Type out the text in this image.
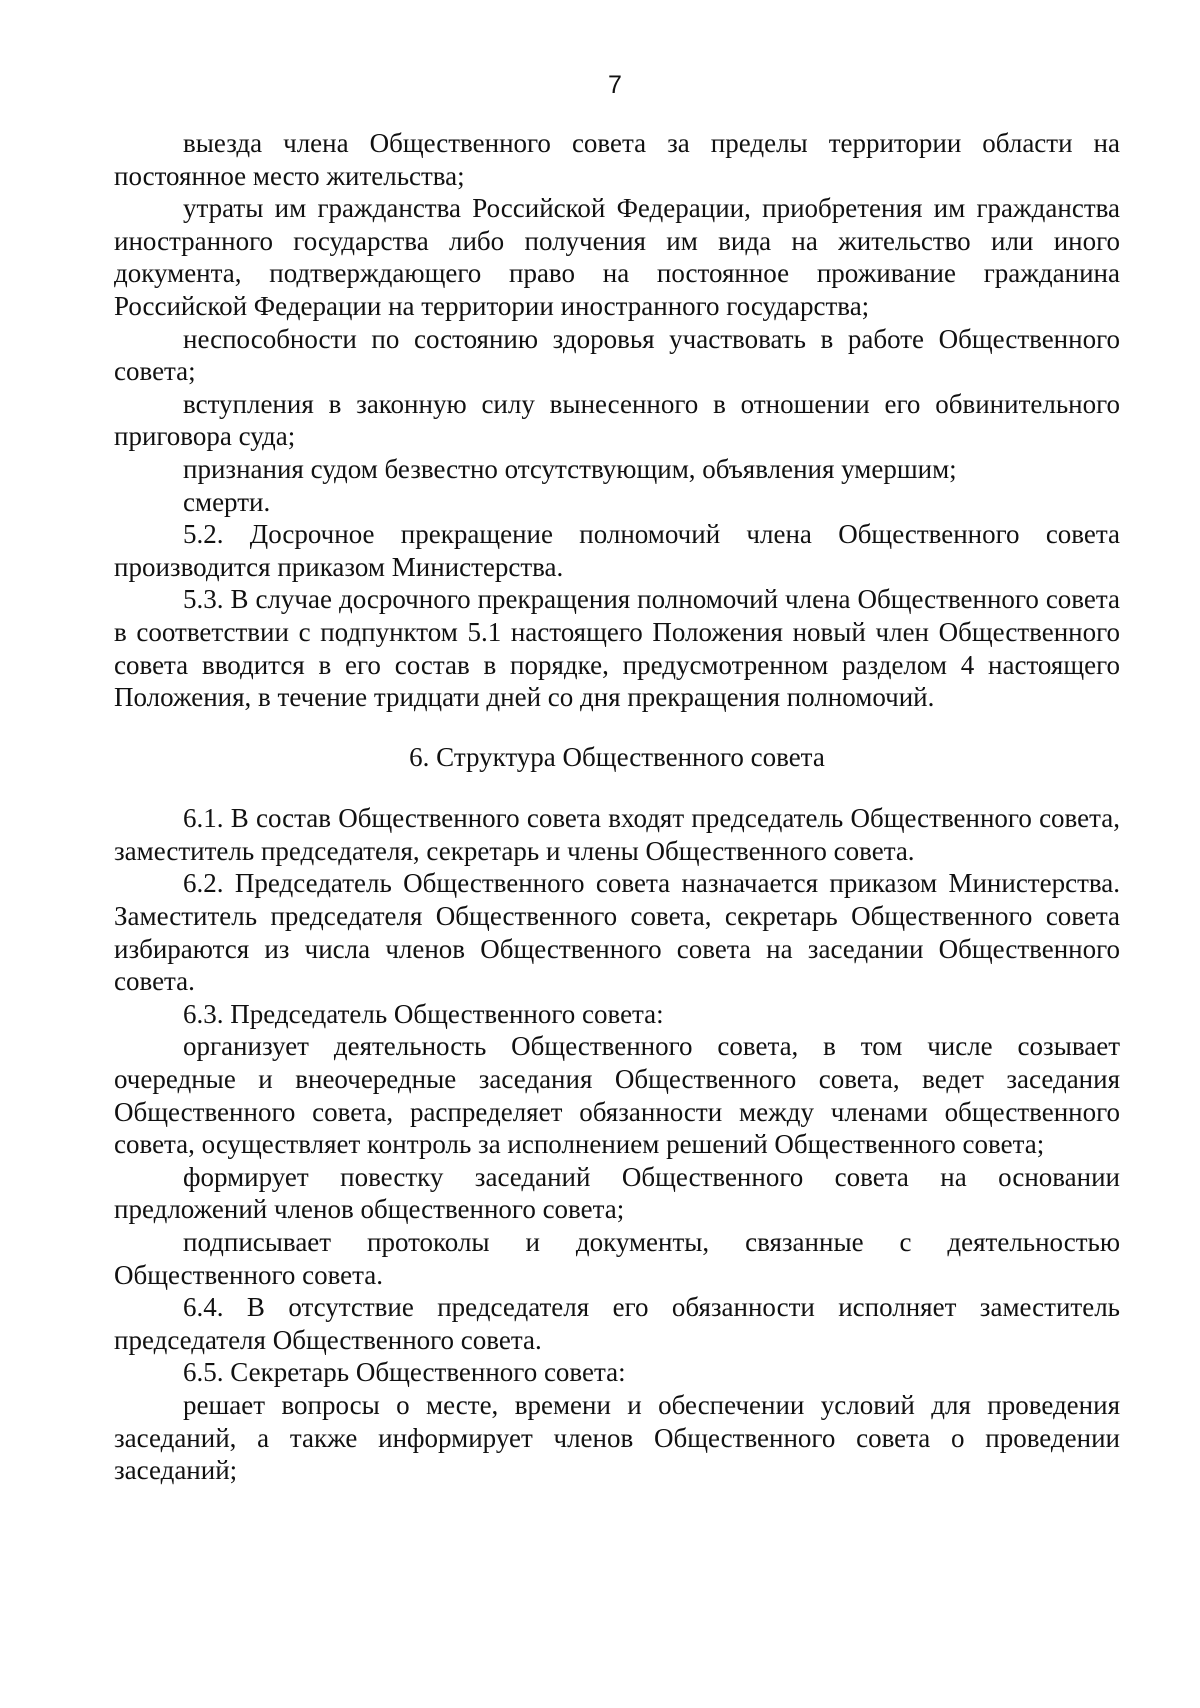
7

выезда члена Общественного совета за пределы территории области на постоянное место жительства;

утраты им гражданства Российской Федерации, приобретения им гражданства иностранного государства либо получения им вида на жительство или иного документа, подтверждающего право на постоянное проживание гражданина Российской Федерации на территории иностранного государства;

неспособности по состоянию здоровья участвовать в работе Общественного совета;

вступления в законную силу вынесенного в отношении его обвинительного приговора суда;

признания судом безвестно отсутствующим, объявления умершим;

смерти.

5.2. Досрочное прекращение полномочий члена Общественного совета производится приказом Министерства.

5.3. В случае досрочного прекращения полномочий члена Общественного совета в соответствии с подпунктом 5.1 настоящего Положения новый член Общественного совета вводится в его состав в порядке, предусмотренном разделом 4 настоящего Положения, в течение тридцати дней со дня прекращения полномочий.

6. Структура Общественного совета

6.1. В состав Общественного совета входят председатель Общественного совета, заместитель председателя, секретарь и члены Общественного совета.

6.2. Председатель Общественного совета назначается приказом Министерства. Заместитель председателя Общественного совета, секретарь Общественного совета избираются из числа членов Общественного совета на заседании Общественного совета.

6.3. Председатель Общественного совета:

организует деятельность Общественного совета, в том числе созывает очередные и внеочередные заседания Общественного совета, ведет заседания Общественного совета, распределяет обязанности между членами общественного совета, осуществляет контроль за исполнением решений Общественного совета;

формирует повестку заседаний Общественного совета на основании предложений членов общественного совета;

подписывает протоколы и документы, связанные с деятельностью Общественного совета.

6.4. В отсутствие председателя его обязанности исполняет заместитель председателя Общественного совета.

6.5. Секретарь Общественного совета:

решает вопросы о месте, времени и обеспечении условий для проведения заседаний, а также информирует членов Общественного совета о проведении заседаний;
